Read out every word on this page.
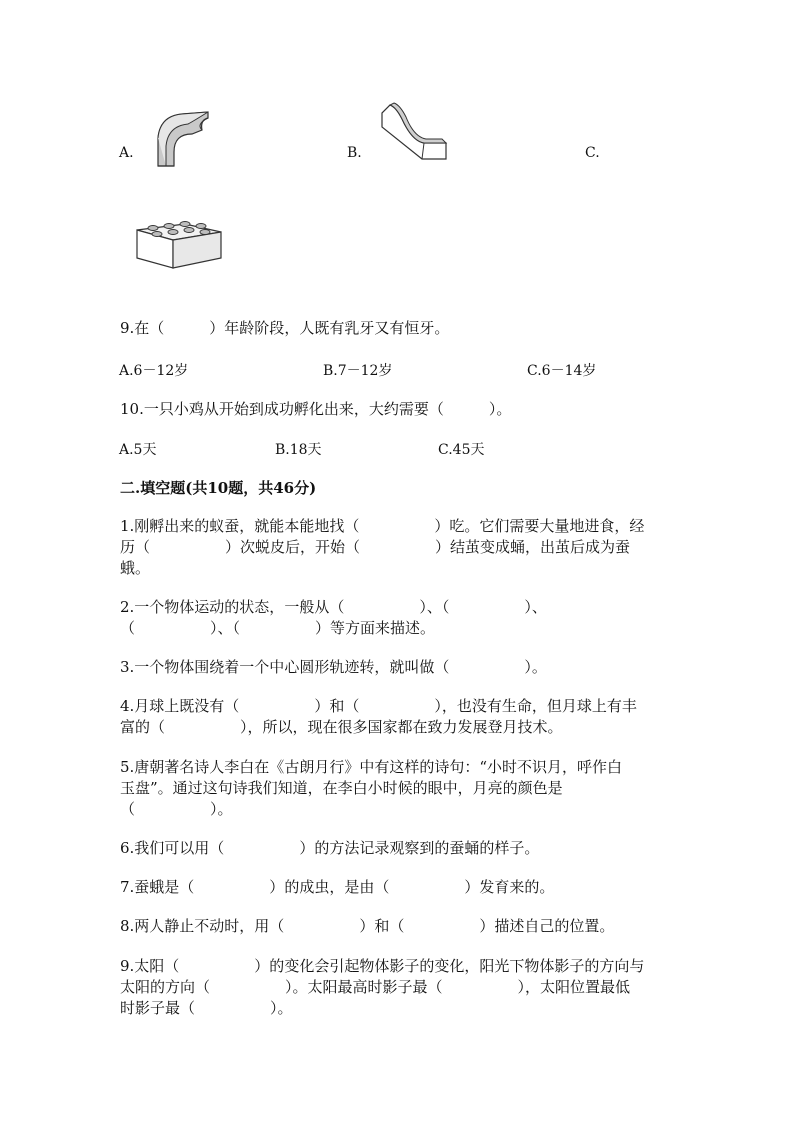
A.	B.	C.
9.在（　　　）年龄阶段，人既有乳牙又有恒牙。
A.6－12岁	B.7－12岁	C.6－14岁
10.一只小鸡从开始到成功孵化出来，大约需要（　　　）。
A.5天	B.18天	C.45天
二.填空题(共10题，共46分)
1.刚孵出来的蚁蚕，就能本能地找（　　　　　）吃。它们需要大量地进食，经
历（　　　　　）次蜕皮后，开始（　　　　　）结茧变成蛹，出茧后成为蚕
蛾。
2.一个物体运动的状态，一般从（　　　　　）、（　　　　　）、
（　　　　　）、（　　　　　）等方面来描述。
3.一个物体围绕着一个中心圆形轨迹转，就叫做（　　　　　）。
4.月球上既没有（　　　　　）和（　　　　　），也没有生命，但月球上有丰
富的（　　　　　），所以，现在很多国家都在致力发展登月技术。
5.唐朝著名诗人李白在《古朗月行》中有这样的诗句：“小时不识月，呼作白
玉盘”。通过这句诗我们知道，在李白小时候的眼中，月亮的颜色是
（　　　　　）。
6.我们可以用（　　　　　）的方法记录观察到的蚕蛹的样子。
7.蚕蛾是（　　　　　）的成虫，是由（　　　　　）发育来的。
8.两人静止不动时，用（　　　　　）和（　　　　　）描述自己的位置。
9.太阳（　　　　　）的变化会引起物体影子的变化，阳光下物体影子的方向与
太阳的方向（　　　　　）。太阳最高时影子最（　　　　　），太阳位置最低
时影子最（　　　　　）。
